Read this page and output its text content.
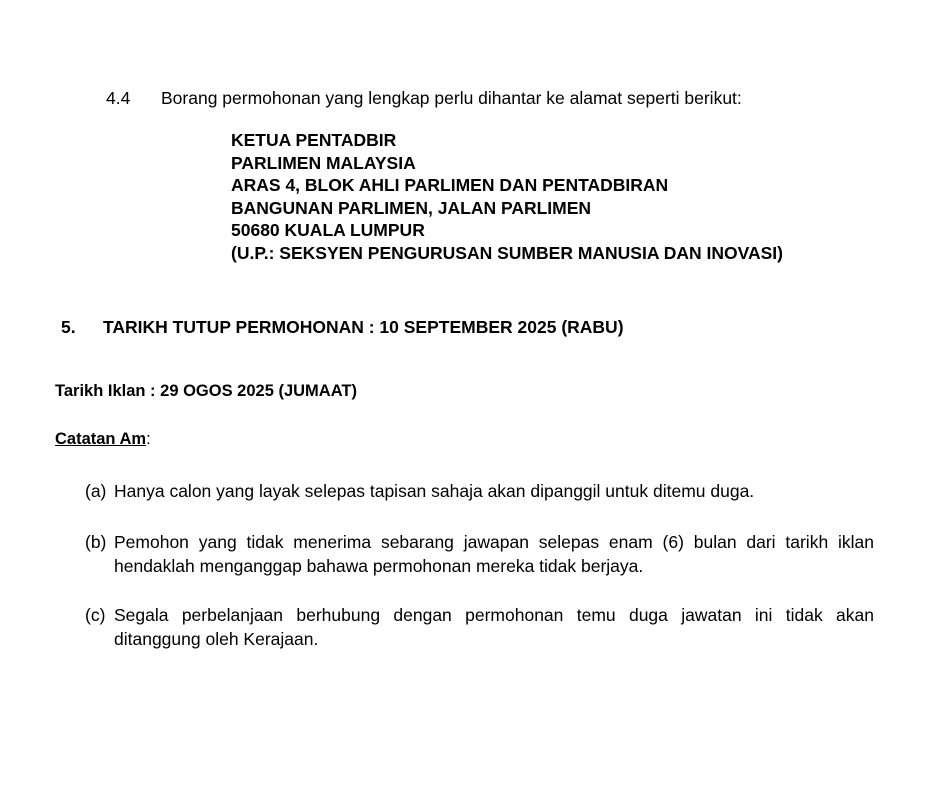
4.4 Borang permohonan yang lengkap perlu dihantar ke alamat seperti berikut:
KETUA PENTADBIR
PARLIMEN MALAYSIA
ARAS 4, BLOK AHLI PARLIMEN DAN PENTADBIRAN
BANGUNAN PARLIMEN, JALAN PARLIMEN
50680 KUALA LUMPUR
(U.P.: SEKSYEN PENGURUSAN SUMBER MANUSIA DAN INOVASI)
5. TARIKH TUTUP PERMOHONAN : 10 SEPTEMBER 2025 (RABU)
Tarikh Iklan : 29 OGOS 2025 (JUMAAT)
Catatan Am:
(a) Hanya calon yang layak selepas tapisan sahaja akan dipanggil untuk ditemu duga.
(b) Pemohon yang tidak menerima sebarang jawapan selepas enam (6) bulan dari tarikh iklan hendaklah menganggap bahawa permohonan mereka tidak berjaya.
(c) Segala perbelanjaan berhubung dengan permohonan temu duga jawatan ini tidak akan ditanggung oleh Kerajaan.
